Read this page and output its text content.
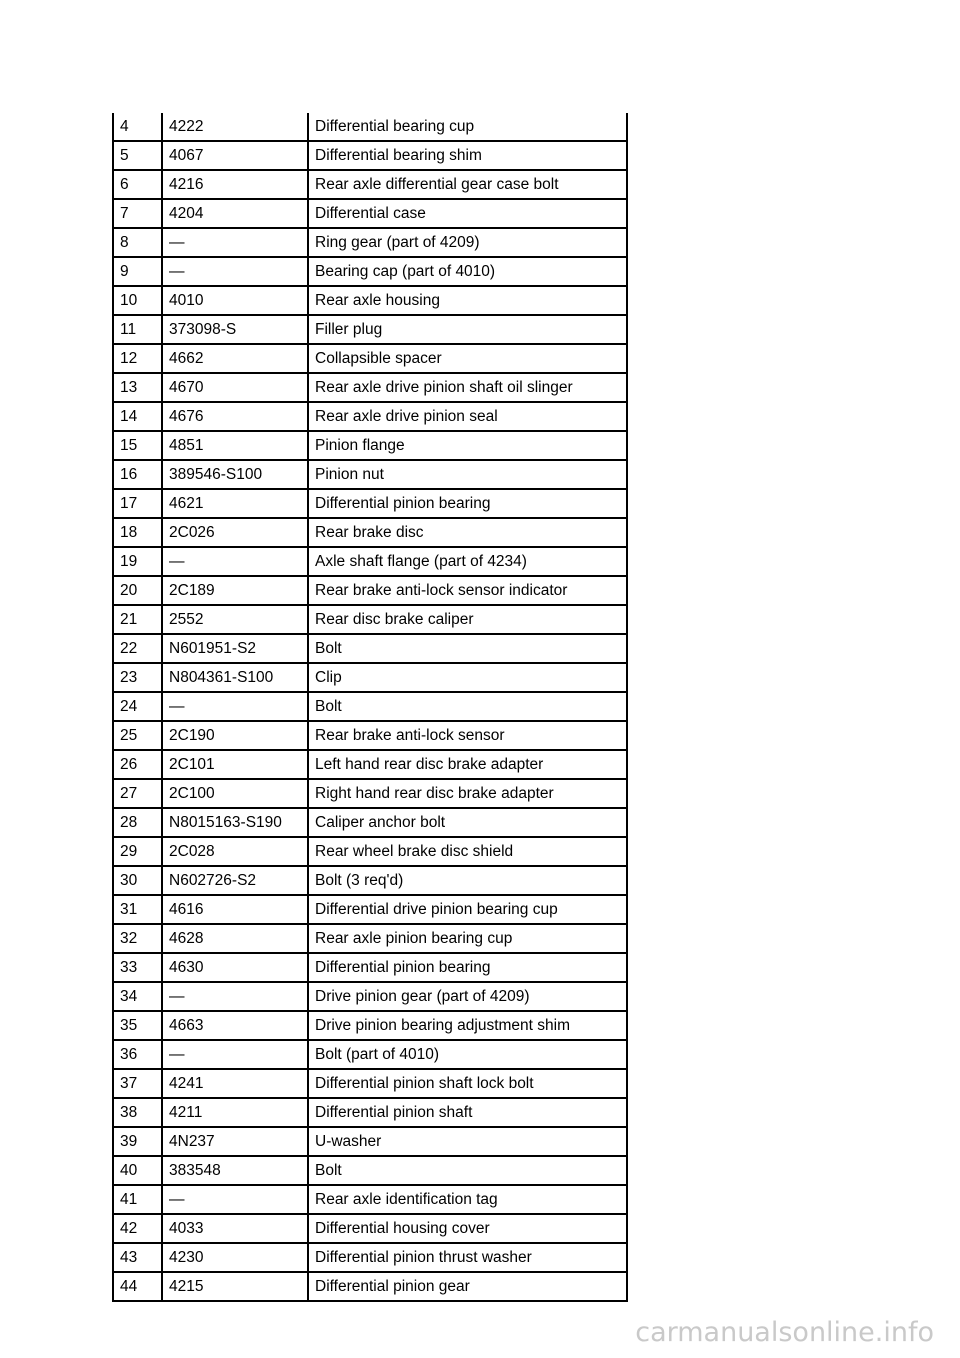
4	4222	Differential bearing cup
5	4067	Differential bearing shim
6	4216	Rear axle differential gear case bolt
7	4204	Differential case
8	—	Ring gear (part of 4209)
9	—	Bearing cap (part of 4010)
10	4010	Rear axle housing
11	373098-S	Filler plug
12	4662	Collapsible spacer
13	4670	Rear axle drive pinion shaft oil slinger
14	4676	Rear axle drive pinion seal
15	4851	Pinion flange
16	389546-S100	Pinion nut
17	4621	Differential pinion bearing
18	2C026	Rear brake disc
19	—	Axle shaft flange (part of 4234)
20	2C189	Rear brake anti-lock sensor indicator
21	2552	Rear disc brake caliper
22	N601951-S2	Bolt
23	N804361-S100	Clip
24	—	Bolt
25	2C190	Rear brake anti-lock sensor
26	2C101	Left hand rear disc brake adapter
27	2C100	Right hand rear disc brake adapter
28	N8015163-S190	Caliper anchor bolt
29	2C028	Rear wheel brake disc shield
30	N602726-S2	Bolt (3 req'd)
31	4616	Differential drive pinion bearing cup
32	4628	Rear axle pinion bearing cup
33	4630	Differential pinion bearing
34	—	Drive pinion gear (part of 4209)
35	4663	Drive pinion bearing adjustment shim
36	—	Bolt (part of 4010)
37	4241	Differential pinion shaft lock bolt
38	4211	Differential pinion shaft
39	4N237	U-washer
40	383548	Bolt
41	—	Rear axle identification tag
42	4033	Differential housing cover
43	4230	Differential pinion thrust washer
44	4215	Differential pinion gear
carmanualsonline.info
